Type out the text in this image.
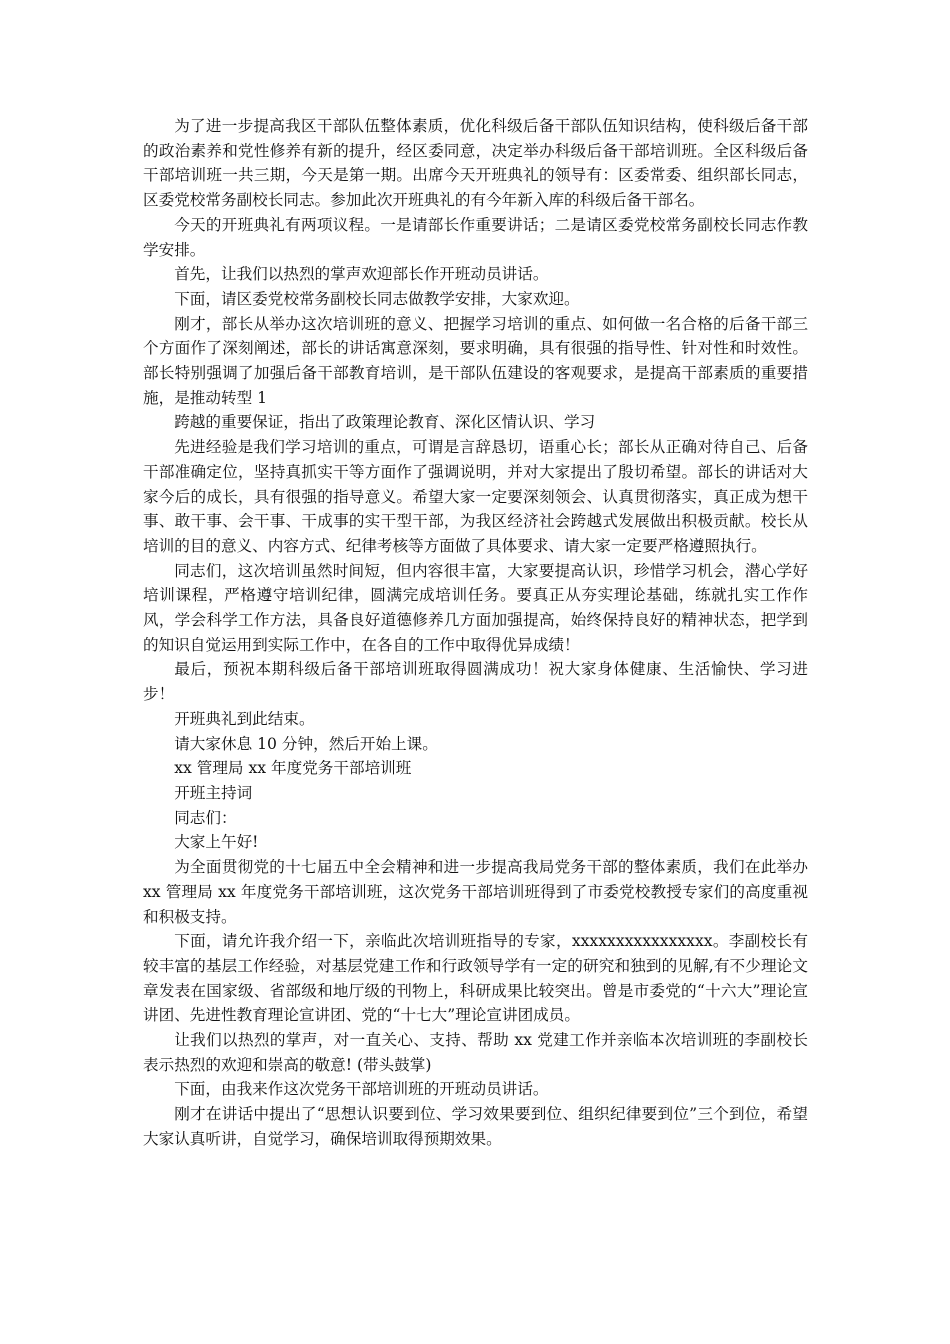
为了进一步提高我区干部队伍整体素质，优化科级后备干部队伍知识结构，使科级后备干部的政治素养和党性修养有新的提升，经区委同意，决定举办科级后备干部培训班。全区科级后备干部培训班一共三期，今天是第一期。出席今天开班典礼的领导有：区委常委、组织部长同志，区委党校常务副校长同志。参加此次开班典礼的有今年新入库的科级后备干部名。

今天的开班典礼有两项议程。一是请部长作重要讲话；二是请区委党校常务副校长同志作教学安排。

首先，让我们以热烈的掌声欢迎部长作开班动员讲话。

下面，请区委党校常务副校长同志做教学安排，大家欢迎。

刚才，部长从举办这次培训班的意义、把握学习培训的重点、如何做一名合格的后备干部三个方面作了深刻阐述，部长的讲话寓意深刻，要求明确，具有很强的指导性、针对性和时效性。部长特别强调了加强后备干部教育培训，是干部队伍建设的客观要求，是提高干部素质的重要措施，是推动转型 1

跨越的重要保证，指出了政策理论教育、深化区情认识、学习

先进经验是我们学习培训的重点，可谓是言辞恳切，语重心长；部长从正确对待自己、后备干部准确定位，坚持真抓实干等方面作了强调说明，并对大家提出了殷切希望。部长的讲话对大家今后的成长，具有很强的指导意义。希望大家一定要深刻领会、认真贯彻落实，真正成为想干事、敢干事、会干事、干成事的实干型干部，为我区经济社会跨越式发展做出积极贡献。校长从培训的目的意义、内容方式、纪律考核等方面做了具体要求、请大家一定要严格遵照执行。

同志们，这次培训虽然时间短，但内容很丰富，大家要提高认识，珍惜学习机会，潜心学好培训课程，严格遵守培训纪律，圆满完成培训任务。要真正从夯实理论基础，练就扎实工作作风，学会科学工作方法，具备良好道德修养几方面加强提高，始终保持良好的精神状态，把学到的知识自觉运用到实际工作中，在各自的工作中取得优异成绩！

最后，预祝本期科级后备干部培训班取得圆满成功！祝大家身体健康、生活愉快、学习进步！

开班典礼到此结束。

请大家休息 10 分钟，然后开始上课。

xx 管理局 xx 年度党务干部培训班

开班主持词

同志们：

大家上午好!

为全面贯彻党的十七届五中全会精神和进一步提高我局党务干部的整体素质，我们在此举办 xx 管理局 xx 年度党务干部培训班，这次党务干部培训班得到了市委党校教授专家们的高度重视和积极支持。

下面，请允许我介绍一下，亲临此次培训班指导的专家，xxxxxxxxxxxxxxxx。李副校长有较丰富的基层工作经验，对基层党建工作和行政领导学有一定的研究和独到的见解,有不少理论文章发表在国家级、省部级和地厅级的刊物上，科研成果比较突出。曾是市委党的“十六大”理论宣讲团、先进性教育理论宣讲团、党的“十七大”理论宣讲团成员。

让我们以热烈的掌声，对一直关心、支持、帮助 xx 党建工作并亲临本次培训班的李副校长表示热烈的欢迎和崇高的敬意! (带头鼓掌)

下面，由我来作这次党务干部培训班的开班动员讲话。

刚才在讲话中提出了“思想认识要到位、学习效果要到位、组织纪律要到位”三个到位，希望大家认真听讲，自觉学习，确保培训取得预期效果。
